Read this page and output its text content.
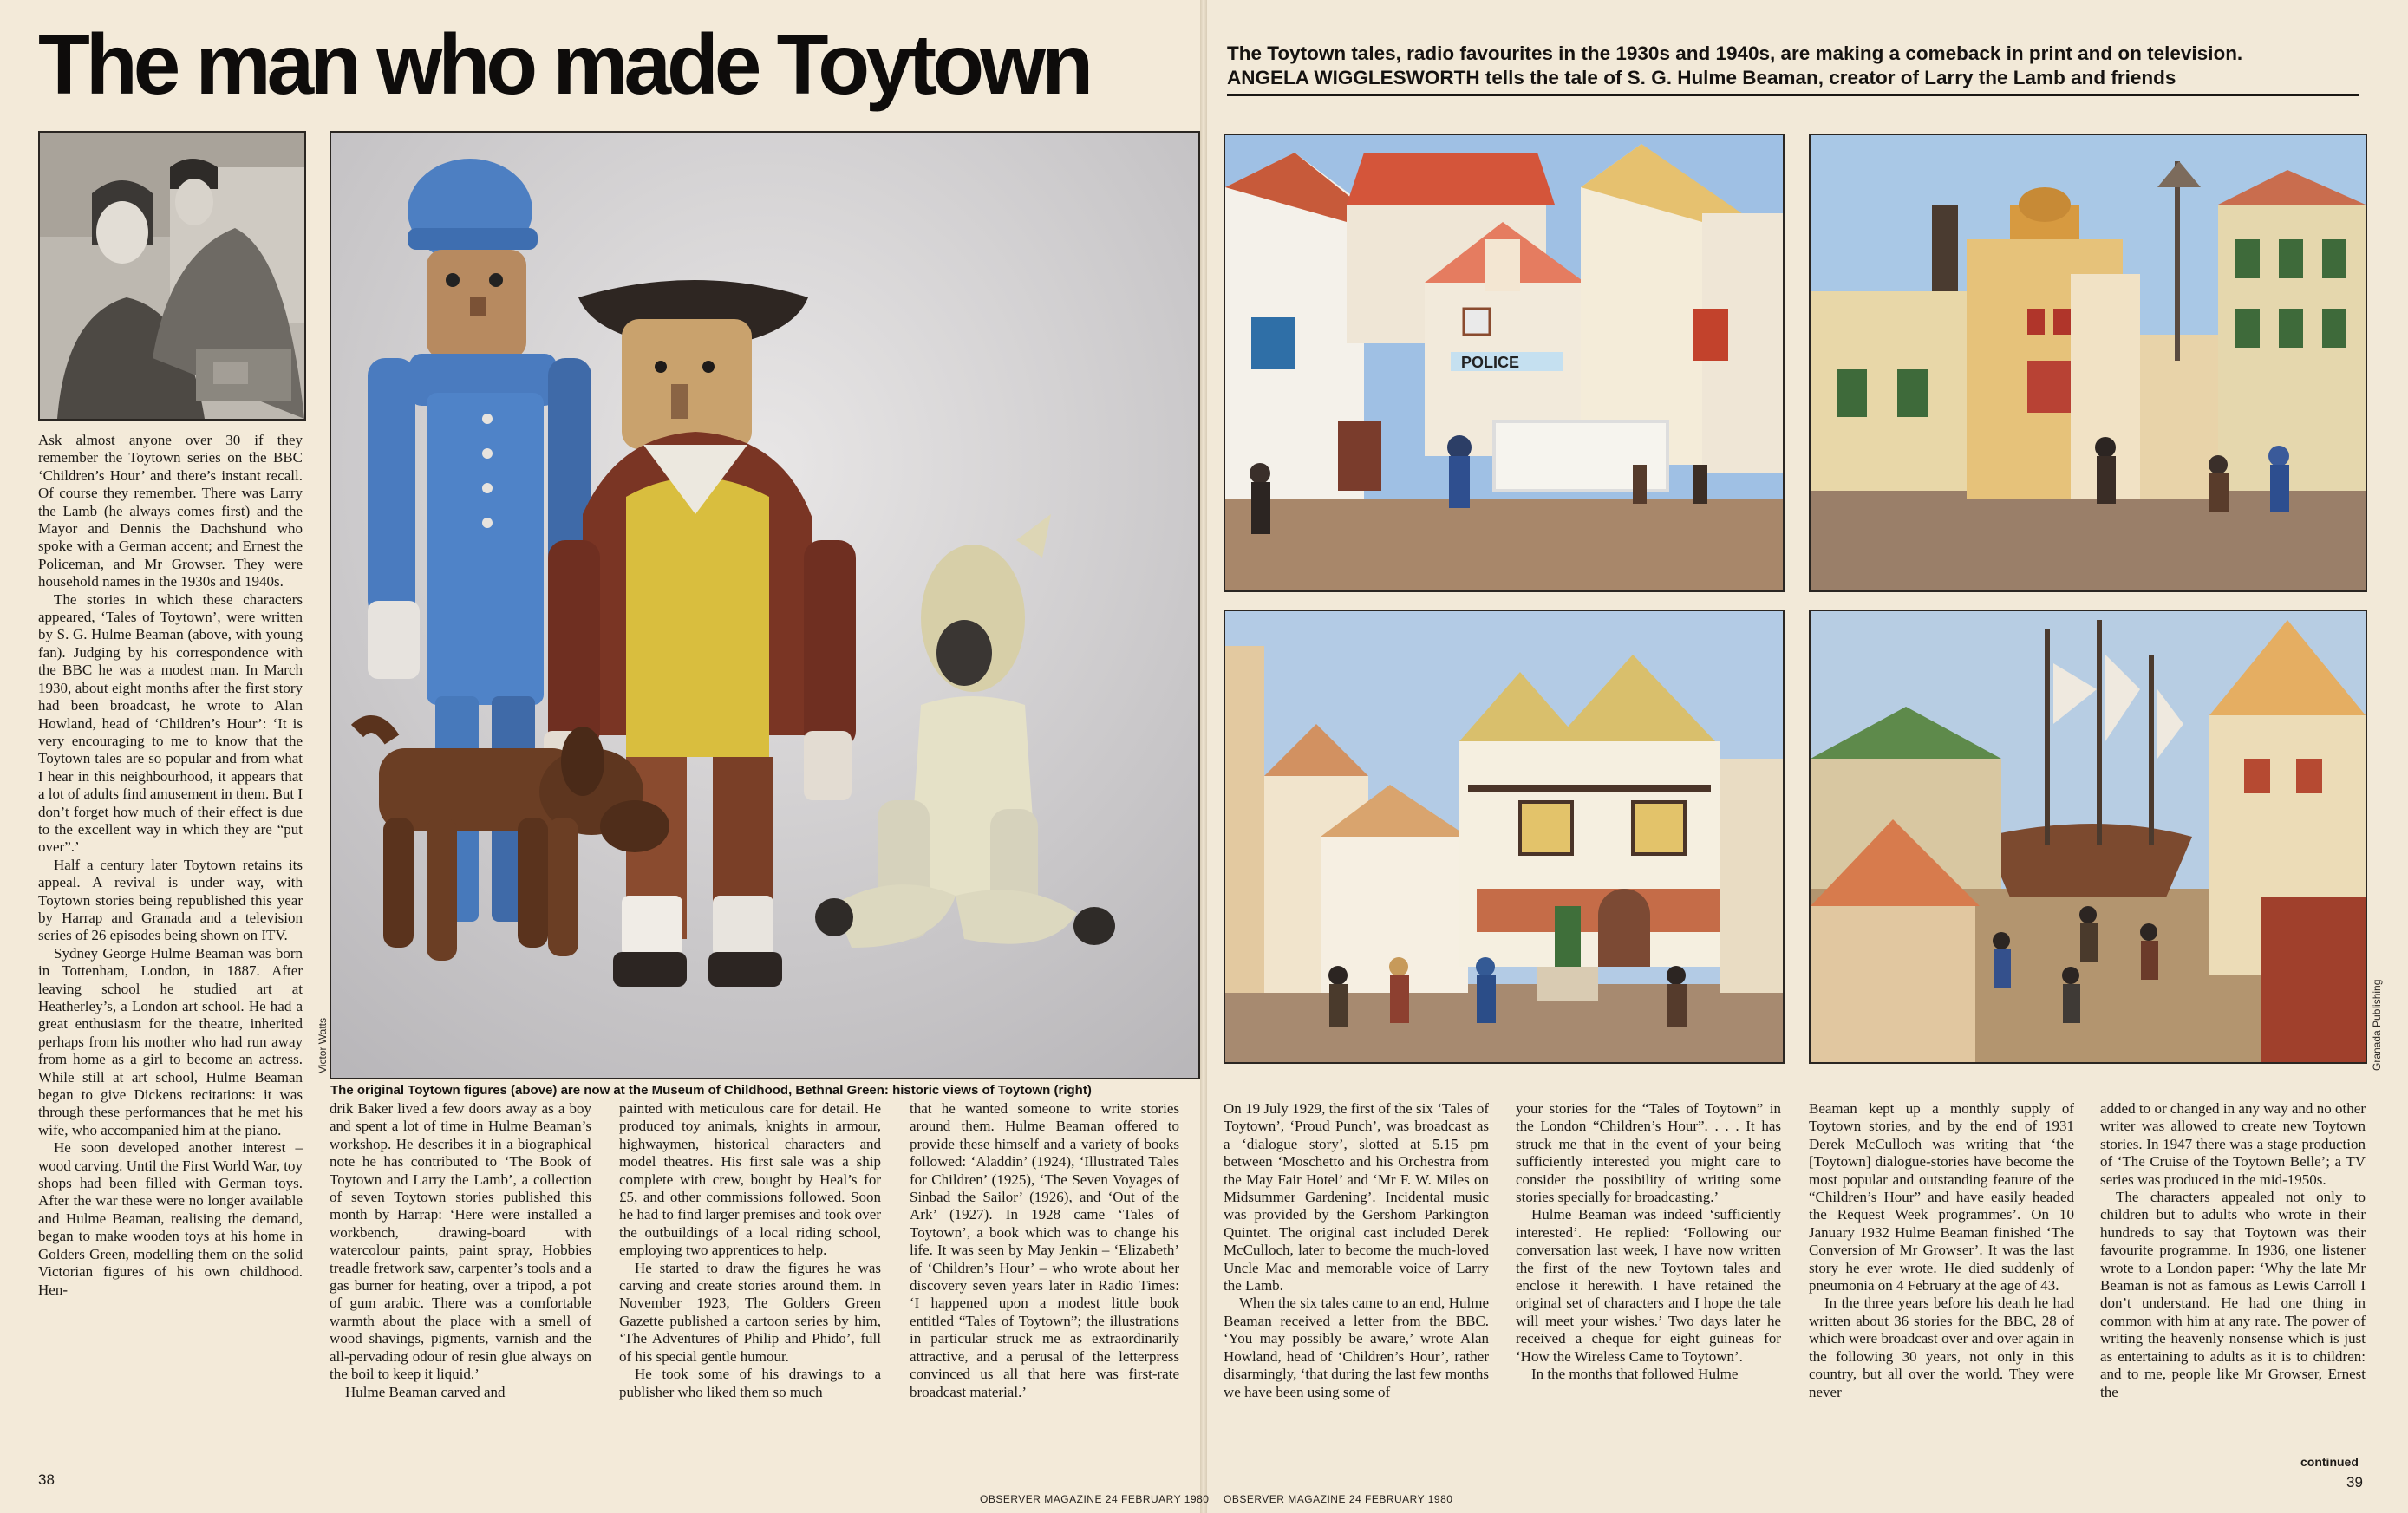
The man who made Toytown	The Toytown tales, radio favourites in the 1930s and 1940s, are making a comeback in print and on television.
ANGELA WIGGLESWORTH tells the tale of S. G. Hulme Beaman, creator of Larry the Lamb and friends
Victor Watts
The original Toytown figures (above) are now at the Museum of Childhood, Bethnal Green: historic views of Toytown (right)
POLICE
Granada Publishing

Ask almost anyone over 30 if they remember the Toytown series on the BBC ‘Children’s Hour’ and there’s instant recall. Of course they remember. There was Larry the Lamb (he always comes first) and the Mayor and Dennis the Dachshund who spoke with a German accent; and Ernest the Policeman, and Mr Growser. They were household names in the 1930s and 1940s.

The stories in which these characters appeared, ‘Tales of Toytown’, were written by S. G. Hulme Beaman (above, with young fan). Judging by his correspondence with the BBC he was a modest man. In March 1930, about eight months after the first story had been broadcast, he wrote to Alan Howland, head of ‘Children’s Hour’: ‘It is very encouraging to me to know that the Toytown tales are so popular and from what I hear in this neighbourhood, it appears that a lot of adults find amusement in them. But I don’t forget how much of their effect is due to the excellent way in which they are “put over”.’

Half a century later Toytown retains its appeal. A revival is under way, with Toytown stories being republished this year by Harrap and Granada and a television series of 26 episodes being shown on ITV.

Sydney George Hulme Beaman was born in Tottenham, London, in 1887. After leaving school he studied art at Heatherley’s, a London art school. He had a great enthusiasm for the theatre, inherited perhaps from his mother who had run away from home as a girl to become an actress. While still at art school, Hulme Beaman began to give Dickens recitations: it was through these performances that he met his wife, who accompanied him at the piano.

He soon developed another interest – wood carving. Until the First World War, toy shops had been filled with German toys. After the war these were no longer available and Hulme Beaman, realising the demand, began to make wooden toys at his home in Golders Green, modelling them on the solid Victorian figures of his own childhood. Hen-

drik Baker lived a few doors away as a boy and spent a lot of time in Hulme Beaman’s workshop. He describes it in a biographical note he has contributed to ‘The Book of Toytown and Larry the Lamb’, a collection of seven Toytown stories published this month by Harrap: ‘Here were installed a workbench, drawing-board with watercolour paints, paint spray, Hobbies treadle fretwork saw, carpenter’s tools and a gas burner for heating, over a tripod, a pot of gum arabic. There was a comfortable warmth about the place with a smell of wood shavings, pigments, varnish and the all-pervading odour of resin glue always on the boil to keep it liquid.’

Hulme Beaman carved and

painted with meticulous care for detail. He produced toy animals, knights in armour, highwaymen, historical characters and model theatres. His first sale was a ship complete with crew, bought by Heal’s for £5, and other commissions followed. Soon he had to find larger premises and took over the outbuildings of a local riding school, employing two apprentices to help.

He started to draw the figures he was carving and create stories around them. In November 1923, The Golders Green Gazette published a cartoon series by him, ‘The Adventures of Philip and Phido’, full of his special gentle humour.

He took some of his drawings to a publisher who liked them so much

that he wanted someone to write stories around them. Hulme Beaman offered to provide these himself and a variety of books followed: ‘Aladdin’ (1924), ‘Illustrated Tales for Children’ (1925), ‘The Seven Voyages of Sinbad the Sailor’ (1926), and ‘Out of the Ark’ (1927). In 1928 came ‘Tales of Toytown’, a book which was to change his life. It was seen by May Jenkin – ‘Elizabeth’ of ‘Children’s Hour’ – who wrote about her discovery seven years later in Radio Times: ‘I happened upon a modest little book entitled “Tales of Toytown”; the illustrations in particular struck me as extraordinarily attractive, and a perusal of the letterpress convinced us all that here was first-rate broadcast material.’

On 19 July 1929, the first of the six ‘Tales of Toytown’, ‘Proud Punch’, was broadcast as a ‘dialogue story’, slotted at 5.15 pm between ‘Moschetto and his Orchestra from the May Fair Hotel’ and ‘Mr F. W. Miles on Midsummer Gardening’. Incidental music was provided by the Gershom Parkington Quintet. The original cast included Derek McCulloch, later to become the much-loved Uncle Mac and memorable voice of Larry the Lamb.

When the six tales came to an end, Hulme Beaman received a letter from the BBC. ‘You may possibly be aware,’ wrote Alan Howland, head of ‘Children’s Hour’, rather disarmingly, ‘that during the last few months we have been using some of

your stories for the “Tales of Toytown” in the London “Children’s Hour”. . . . It has struck me that in the event of your being sufficiently interested you might care to consider the possibility of writing some stories specially for broadcasting.’

Hulme Beaman was indeed ‘sufficiently interested’. He replied: ‘Following our conversation last week, I have now written the first of the new Toytown tales and enclose it herewith. I have retained the original set of characters and I hope the tale will meet your wishes.’ Two days later he received a cheque for eight guineas for ‘How the Wireless Came to Toytown’.

In the months that followed Hulme

Beaman kept up a monthly supply of Toytown stories, and by the end of 1931 Derek McCulloch was writing that ‘the [Toytown] dialogue-stories have become the most popular and outstanding feature of the “Children’s Hour” and have easily headed the Request Week programmes’. On 10 January 1932 Hulme Beaman finished ‘The Conversion of Mr Growser’. It was the last story he ever wrote. He died suddenly of pneumonia on 4 February at the age of 43.

In the three years before his death he had written about 36 stories for the BBC, 28 of which were broadcast over and over again in the following 30 years, not only in this country, but all over the world. They were never

added to or changed in any way and no other writer was allowed to create new Toytown stories. In 1947 there was a stage production of ‘The Cruise of the Toytown Belle’; a TV series was produced in the mid-1950s.

The characters appealed not only to children but to adults who wrote in their hundreds to say that Toytown was their favourite programme. In 1936, one listener wrote to a London paper: ‘Why the late Mr Beaman is not as famous as Lewis Carroll I don’t understand. He had one thing in common with him at any rate. The power of writing the heavenly nonsense which is just as entertaining to adults as it is to children: and to me, people like Mr Growser, Ernest the

38
OBSERVER MAGAZINE 24 FEBRUARY 1980 OBSERVER MAGAZINE 24 FEBRUARY 1980
continued
39
